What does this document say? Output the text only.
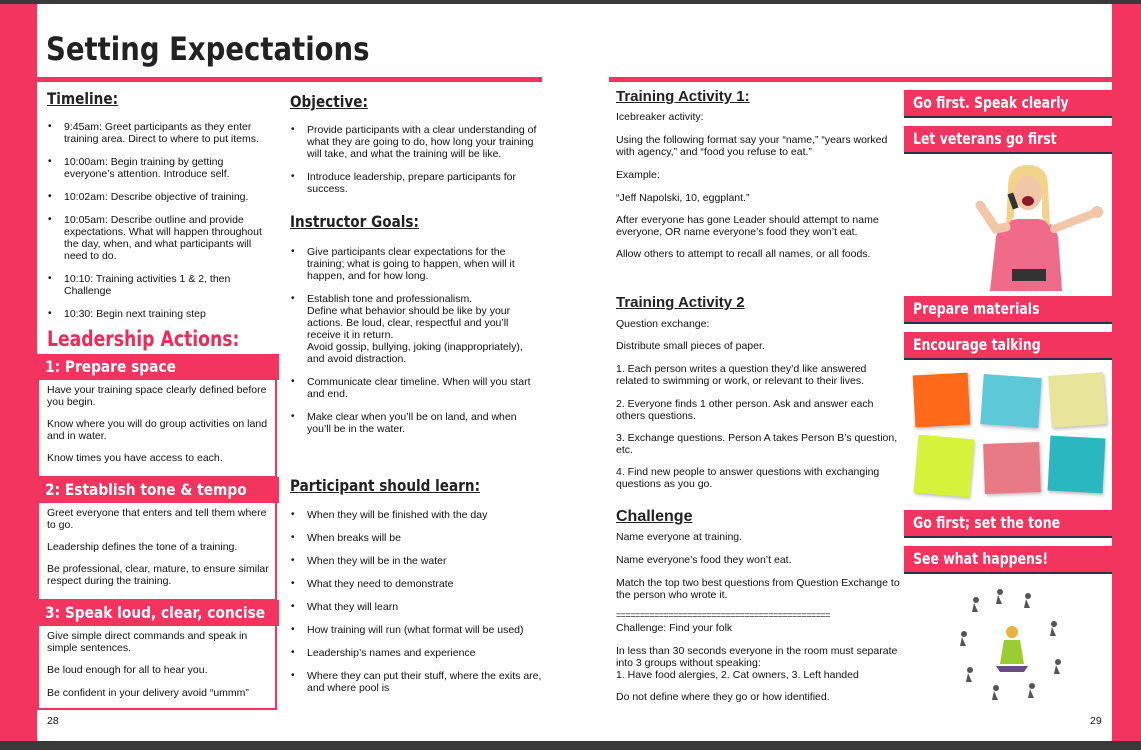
Setting Expectations
Timeline:
• 9:45am: Greet participants as they enter training area. Direct to where to put items.
• 10:00am: Begin training by getting everyone’s attention. Introduce self.
• 10:02am: Describe objective of training.
• 10:05am: Describe outline and provide expectations. What will happen throughout the day, when, and what participants will need to do.
• 10:10: Training activities 1 & 2, then Challenge
• 10:30: Begin next training step
Leadership Actions:
1: Prepare space

Have your training space clearly defined before you begin.

Know where you will do group activities on land and in water.

Know times you have access to each.

2: Establish tone & tempo

Greet everyone that enters and tell them where to go.

Leadership defines the tone of a training.

Be professional, clear, mature, to ensure similar respect during the training.

3: Speak loud, clear, concise

Give simple direct commands and speak in simple sentences.

Be loud enough for all to hear you.

Be confident in your delivery avoid “ummm”

Objective:
• Provide participants with a clear understanding of what they are going to do, how long your training will take, and what the training will be like.
• Introduce leadership, prepare participants for success.
Instructor Goals:
• Give participants clear expectations for the training; what is going to happen, when will it happen, and for how long.
• Establish tone and professionalism.
Define what behavior should be like by your actions. Be loud, clear, respectful and you’ll receive it in return.
Avoid gossip, bullying, joking (inappropriately), and avoid distraction.
• Communicate clear timeline. When will you start and end.
• Make clear when you’ll be on land, and when you’ll be in the water.
Participant should learn:
• When they will be finished with the day
• When breaks will be
• When they will be in the water
• What they need to demonstrate
• What they will learn
• How training will run (what format will be used)
• Leadership’s names and experience
• Where they can put their stuff, where the exits are, and where pool is
28
Training Activity 1:

Icebreaker activity:

Using the following format say your “name,” “years worked with agency,” and “food you refuse to eat.”

Example:

“Jeff Napolski, 10, eggplant.”

After everyone has gone Leader should attempt to name everyone, OR name everyone’s food they won’t eat.

Allow others to attempt to recall all names, or all foods.

Training Activity 2

Question exchange:

Distribute small pieces of paper.

1. Each person writes a question they’d like answered related to swimming or work, or relevant to their lives.

2. Everyone finds 1 other person. Ask and answer each others questions.

3. Exchange questions. Person A takes Person B’s question, etc.

4. Find new people to answer questions with exchanging questions as you go.

Challenge

Name everyone at training.

Name everyone’s food they won’t eat.

Match the top two best questions from Question Exchange to the person who wrote it.

=============================================

Challenge: Find your folk

In less than 30 seconds everyone in the room must separate into 3 groups without speaking:
1. Have food alergies, 2. Cat owners, 3. Left handed

Do not define where they go or how identified.

Go first. Speak clearly
Let veterans go first
Prepare materials
Encourage talking
Go first; set the tone
See what happens!
29
